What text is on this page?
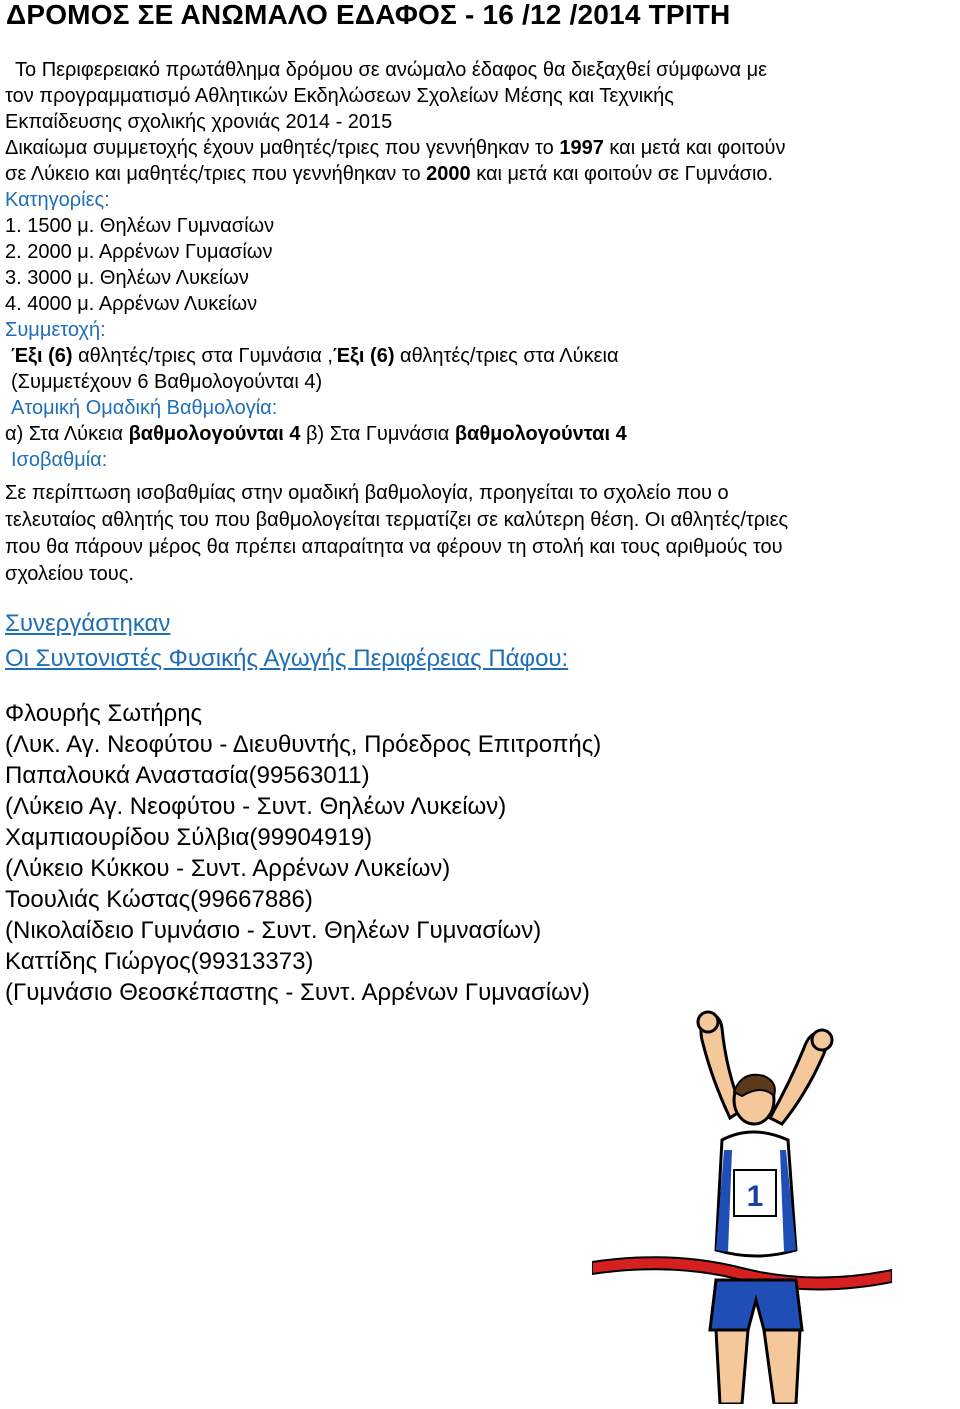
ΔΡΟΜΟΣ ΣΕ ΑΝΩΜΑΛΟ ΕΔΑΦΟΣ - 16 /12 /2014 ΤΡΙΤΗ
Το Περιφερειακό πρωτάθλημα δρόμου σε ανώμαλο έδαφος θα διεξαχθεί σύμφωνα με
τον προγραμματισμό Αθλητικών Εκδηλώσεων Σχολείων Μέσης και Τεχνικής
Εκπαίδευσης σχολικής χρονιάς 2014 - 2015
Δικαίωμα συμμετοχής έχουν μαθητές/τριες που γεννήθηκαν το 1997 και μετά και φοιτούν
σε Λύκειο και μαθητές/τριες που γεννήθηκαν το 2000 και μετά και φοιτούν σε Γυμνάσιο.
Κατηγορίες:
1. 1500 μ. Θηλέων Γυμνασίων
2. 2000 μ. Αρρένων Γυμασίων
3. 3000 μ. Θηλέων Λυκείων
4. 4000 μ. Αρρένων Λυκείων
Συμμετοχή:
Έξι (6) αθλητές/τριες στα Γυμνάσια ,Έξι (6) αθλητές/τριες στα Λύκεια
(Συμμετέχουν 6 Βαθμολογούνται 4)
Ατομική Ομαδική Βαθμολογία:
α) Στα Λύκεια βαθμολογούνται 4 β) Στα Γυμνάσια βαθμολογούνται 4
Ισοβαθμία:
Σε περίπτωση ισοβαθμίας στην ομαδική βαθμολογία, προηγείται το σχολείο που ο
τελευταίος αθλητής του που βαθμολογείται τερματίζει σε καλύτερη θέση. Οι αθλητές/τριες
που θα πάρουν μέρος θα πρέπει απαραίτητα να φέρουν τη στολή και τους αριθμούς του
σχολείου τους.
Συνεργάστηκαν
Οι Συντονιστές Φυσικής Αγωγής Περιφέρειας Πάφου:
Φλουρής Σωτήρης
(Λυκ. Αγ. Νεοφύτου - Διευθυντής, Πρόεδρος Επιτροπής)
Παπαλουκά Αναστασία(99563011)
(Λύκειο Αγ. Νεοφύτου - Συντ. Θηλέων Λυκείων)
Χαμπιαουρίδου Σύλβια(99904919)
(Λύκειο Κύκκου - Συντ. Αρρένων Λυκείων)
Τοουλιάς Κώστας(99667886)
(Νικολαίδειο Γυμνάσιο - Συντ. Θηλέων Γυμνασίων)
Καττίδης Γιώργος(99313373)
(Γυμνάσιο Θεοσκέπαστης - Συντ. Αρρένων Γυμνασίων)
1
